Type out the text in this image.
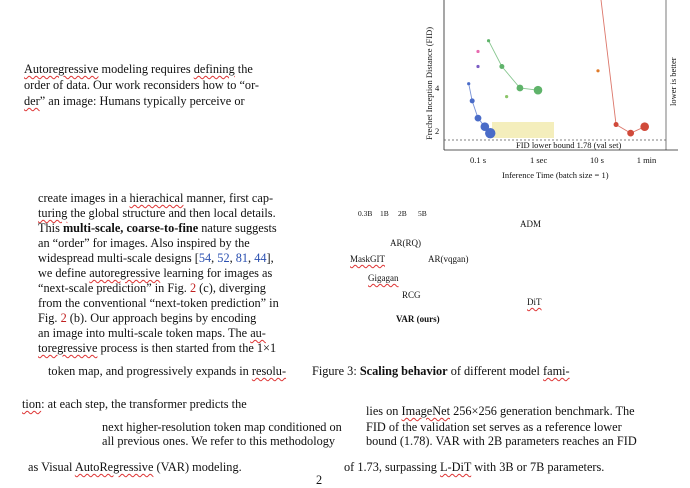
Autoregressive modeling requires defining the
order of data. Our work reconsiders how to “or-
der” an image: Humans typically perceive or
0.1 s	1 sec	10 s	1 min
2
4
FID lower bound 1.78 (val set)
Inference Time (batch size = 1)
Frechet Inception Distance (FID)	lower is better
create images in a hierachical manner, first cap-
turing the global structure and then local details.
This multi-scale, coarse-to-fine nature suggests
an “order” for images. Also inspired by the
widespread multi-scale designs [54, 52, 81, 44],
we define autoregressive learning for images as
“next-scale prediction” in Fig. 2 (c), diverging
from the conventional “next-token prediction” in
Fig. 2 (b). Our approach begins by encoding
an image into multi-scale token maps. The au-
toregressive process is then started from the 1×1
0.3B 1B 2B 5B
ADM
AR(RQ)
MaskGIT	AR(vqgan)
Gigagan
RCG
DiT
VAR (ours)
token map, and progressively expands in resolu-
tion: at each step, the transformer predicts the
next higher-resolution token map conditioned on
all previous ones. We refer to this methodology
as Visual AutoRegressive (VAR) modeling.
Figure 3: Scaling behavior of different model fami-
lies on ImageNet 256×256 generation benchmark. The
FID of the validation set serves as a reference lower
bound (1.78). VAR with 2B parameters reaches an FID
of 1.73, surpassing L-DiT with 3B or 7B parameters.
2
